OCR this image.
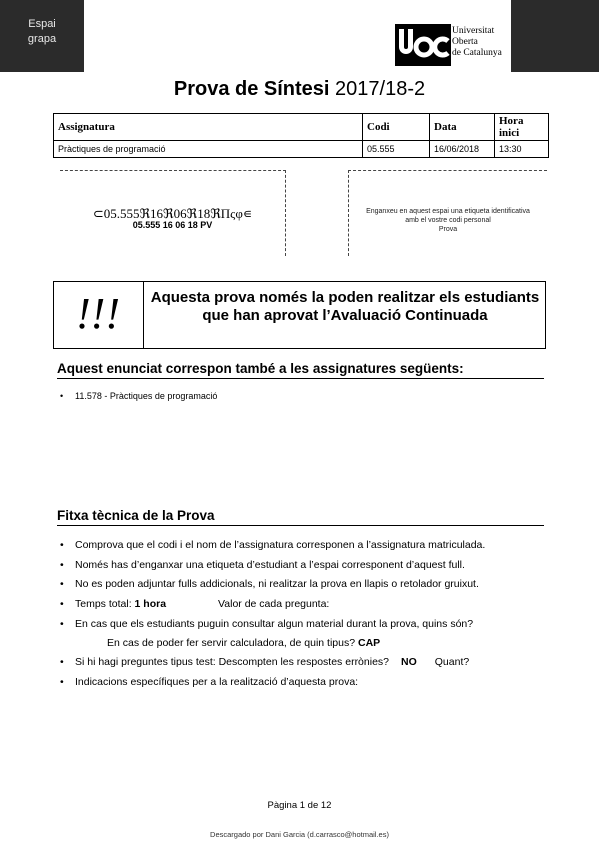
Espai
grapa
Universitat
Oberta
de Catalunya
Prova de Síntesi 2017/18-2
Assignatura	Codi	Data	Hora inici
Pràctiques de programació	05.555	16/06/2018	13:30
⊂05.555ℜ16ℜ06ℜ18ℜΠςφ∊
05.555 16 06 18 PV
Enganxeu en aquest espai una etiqueta identificativa
amb el vostre codi personal
Prova
!!!	Aquesta prova només la poden realitzar els estudiants que han aprovat l’Avaluació Continuada
Aquest enunciat correspon també a les assignatures següents:
• 11.578 - Pràctiques de programació
Fitxa tècnica de la Prova
• Comprova que el codi i el nom de l’assignatura corresponen a l’assignatura matriculada.
• Només has d’enganxar una etiqueta d’estudiant a l’espai corresponent d’aquest full.
• No es poden adjuntar fulls addicionals, ni realitzar la prova en llapis o retolador gruixut.
• Temps total: 1 hora	Valor de cada pregunta:
• En cas que els estudiants puguin consultar algun material durant la prova, quins són?
En cas de poder fer servir calculadora, de quin tipus? CAP
• Si hi hagi preguntes tipus test: Descompten les respostes errònies? NO Quant?
• Indicacions específiques per a la realització d’aquesta prova:
Pàgina 1 de 12
Descargado por Dani Garcia (d.carrasco@hotmail.es)
